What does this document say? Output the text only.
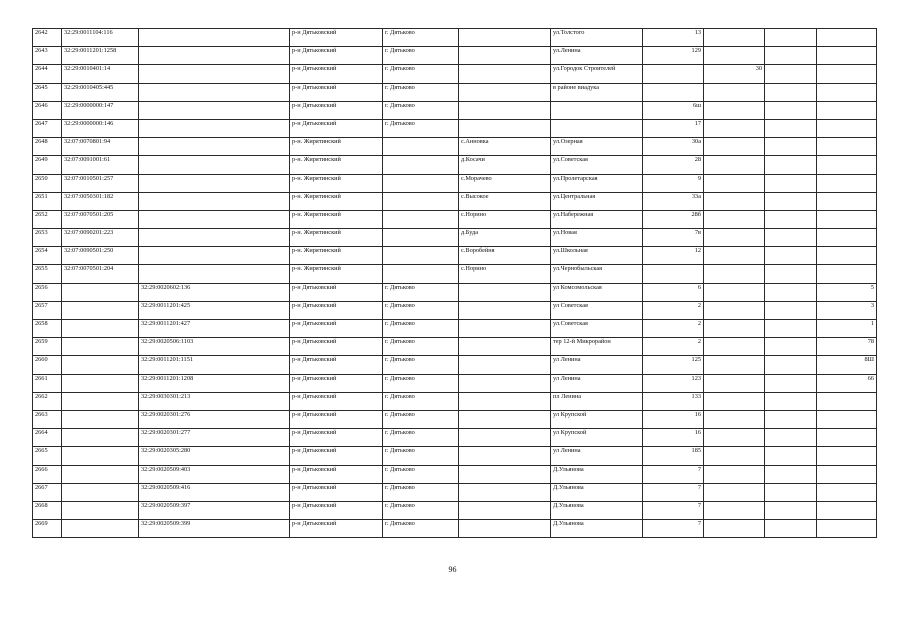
2642	32:29:0011104:116		р-н Дятьковский	г. Дятьково		ул.Толстого	13			
2643	32:29:0011201:1258		р-н Дятьковский	г. Дятьково		ул.Ленина	129			
2644	32:29:0010401:14		р-н Дятьковский	г. Дятьково		ул.Городок Строителей		30		
2645	32:29:0010405:445		р-н Дятьковский	г. Дятьково		в районе виадука				
2646	32:29:0000000:147		р-н Дятьковский	г. Дятьково			6ш			
2647	32:29:0000000:146		р-н Дятьковский	г. Дятьково			17			
2648	32:07:0070801:94		р-н. Жирятинский		с.Анновка	ул.Озерная	30а			
2649	32:07:0091001:61		р-н. Жирятинский		д.Косачи	ул.Советская	28			
2650	32:07:0010501:257		р-н. Жирятинский		с.Морачево	ул.Пролетарская	9			
2651	32:07:0050301:182		р-н. Жирятинский		с.Высокое	ул.Центральная	33а			
2652	32:07:0070501:205		р-н. Жирятинский		с.Норино	ул.Набережная	28б			
2653	32:07:0090201:223		р-н. Жирятинский		д.Буда	ул.Новая	7в			
2654	32:07:0090501:250		р-н. Жирятинский		с.Воробейня	ул.Школьная	12			
2655	32:07:0070501:204		р-н. Жирятинский		с.Норино	ул.Чернобыльская				
2656		32:29:0020602:136	р-н Дятьковский	г. Дятьково		ул Комсомольская	6			5
2657		32:29:0011201:425	р-н Дятьковский	г. Дятьково		ул Советская	2			3
2658		32:29:0011201:427	р-н Дятьковский	г. Дятьково		ул.Советская	2			1
2659		32:29:0020506:1103	р-н Дятьковский	г. Дятьково		тер 12-й Микрорайон	2			78
2660		32:29:0011201:1151	р-н Дятьковский	г. Дятьково		ул Ленина	125			8Ш
2661		32:29:0011201:1208	р-н Дятьковский	г. Дятьково		ул Ленина	123			66
2662		32:29:0030301:213	р-н Дятьковский	г. Дятьково		пл Ленина	133			
2663		32:29:0020301:276	р-н Дятьковский	г. Дятьково		ул Крупской	16			
2664		32:29:0020301:277	р-н Дятьковский	г. Дятьково		ул Крупской	16			
2665		32:29:0020305:280	р-н Дятьковский	г. Дятьково		ул Ленина	185			
2666		32:29:0020509:403	р-н Дятьковский	г. Дятьково		Д.Ульянова	7			
2667		32:29:0020509:416	р-н Дятьковский	г. Дятьково		Д.Ульянова	7			
2668		32:29:0020509:397	р-н Дятьковский	г. Дятьково		Д.Ульянова	7			
2669		32:29:0020509:399	р-н Дятьковский	г. Дятьково		Д.Ульянова	7			
96
